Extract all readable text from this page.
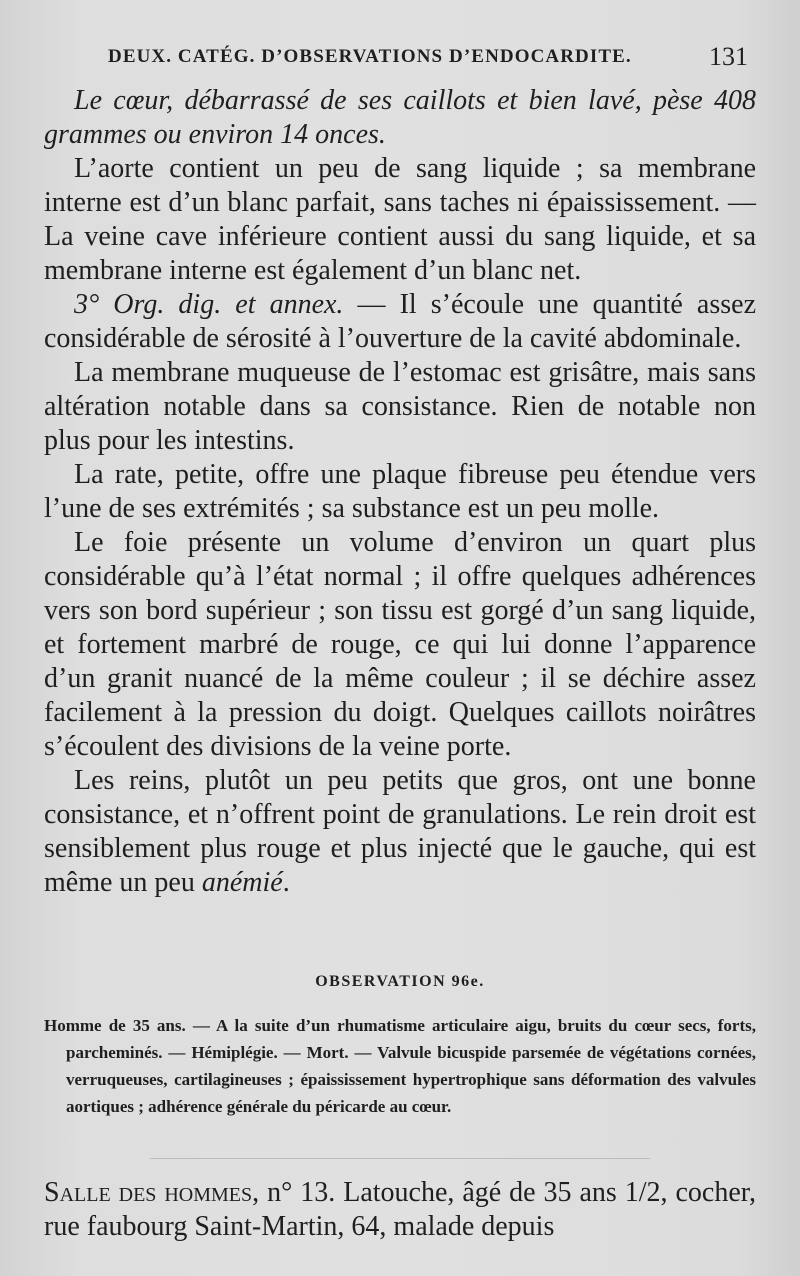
DEUX. CATÉG. D’OBSERVATIONS D’ENDOCARDITE.	131

Le cœur, débarrassé de ses caillots et bien lavé, pèse 408 grammes ou environ 14 onces.

L’aorte contient un peu de sang liquide ; sa membrane interne est d’un blanc parfait, sans taches ni épaississement. — La veine cave inférieure contient aussi du sang liquide, et sa membrane interne est également d’un blanc net.

3° Org. dig. et annex. — Il s’écoule une quantité assez considérable de sérosité à l’ouverture de la cavité abdominale.

La membrane muqueuse de l’estomac est grisâtre, mais sans altération notable dans sa consistance. Rien de notable non plus pour les intestins.

La rate, petite, offre une plaque fibreuse peu étendue vers l’une de ses extrémités ; sa substance est un peu molle.

Le foie présente un volume d’environ un quart plus considérable qu’à l’état normal ; il offre quelques adhérences vers son bord supérieur ; son tissu est gorgé d’un sang liquide, et fortement marbré de rouge, ce qui lui donne l’apparence d’un granit nuancé de la même couleur ; il se déchire assez facilement à la pression du doigt. Quelques caillots noirâtres s’écoulent des divisions de la veine porte.

Les reins, plutôt un peu petits que gros, ont une bonne consistance, et n’offrent point de granulations. Le rein droit est sensiblement plus rouge et plus injecté que le gauche, qui est même un peu anémié.

OBSERVATION 96e.

Homme de 35 ans. — A la suite d’un rhumatisme articulaire aigu, bruits du cœur secs, forts, parcheminés. — Hémiplégie. — Mort. — Valvule bicuspide parsemée de végétations cornées, verruqueuses, cartilagineuses ; épaississement hypertrophique sans déformation des valvules aortiques ; adhérence générale du péricarde au cœur.

Salle des hommes, n° 13. Latouche, âgé de 35 ans 1/2, cocher, rue faubourg Saint-Martin, 64, malade depuis
